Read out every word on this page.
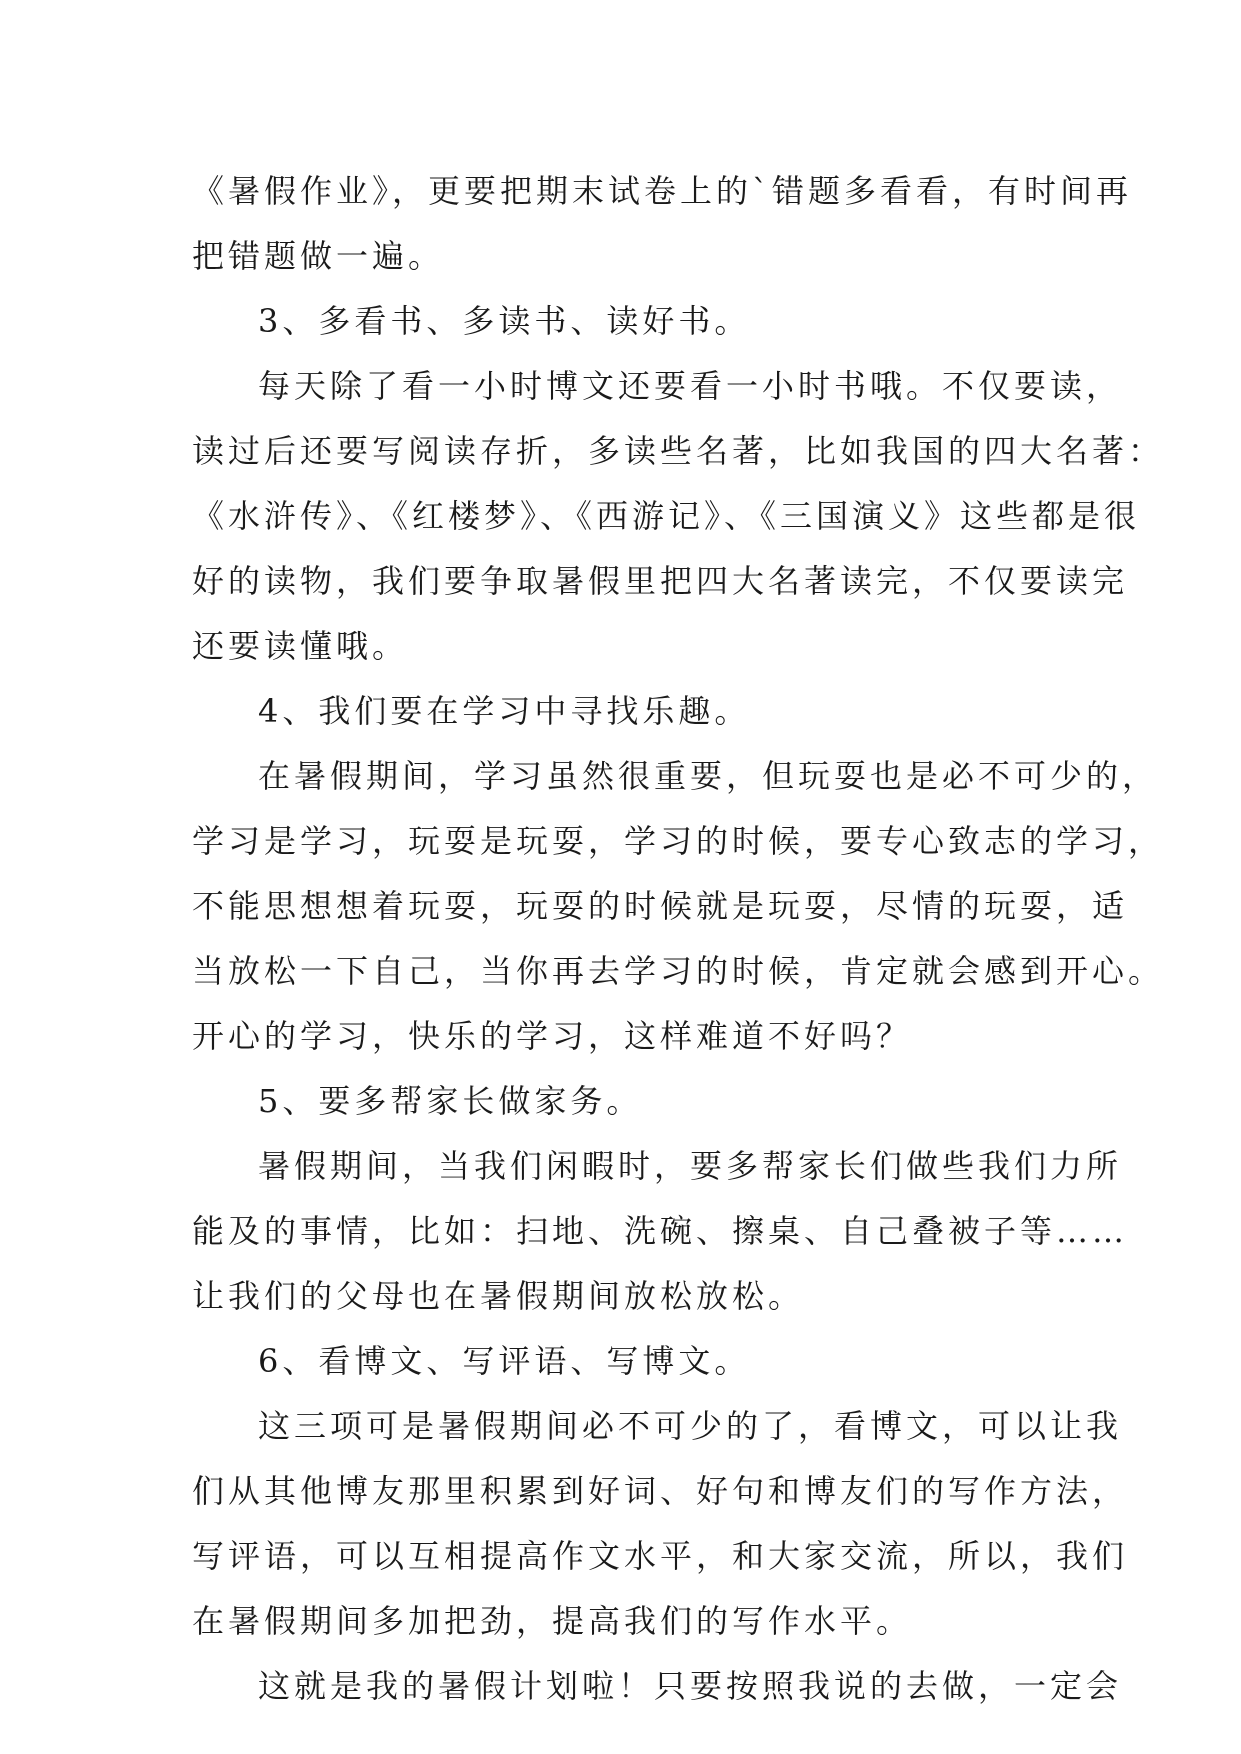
《暑假作业》，更要把期末试卷上的`错题多看看，有时间再
把错题做一遍。
3、多看书、多读书、读好书。
每天除了看一小时博文还要看一小时书哦。不仅要读，
读过后还要写阅读存折，多读些名著，比如我国的四大名著：
《水浒传》、《红楼梦》、《西游记》、《三国演义》这些都是很
好的读物，我们要争取暑假里把四大名著读完，不仅要读完
还要读懂哦。
4、我们要在学习中寻找乐趣。
在暑假期间，学习虽然很重要，但玩耍也是必不可少的，
学习是学习，玩耍是玩耍，学习的时候，要专心致志的学习，
不能思想想着玩耍，玩耍的时候就是玩耍，尽情的玩耍，适
当放松一下自己，当你再去学习的时候，肯定就会感到开心。
开心的学习，快乐的学习，这样难道不好吗？
5、要多帮家长做家务。
暑假期间，当我们闲暇时，要多帮家长们做些我们力所
能及的事情，比如：扫地、洗碗、擦桌、自己叠被子等……
让我们的父母也在暑假期间放松放松。
6、看博文、写评语、写博文。
这三项可是暑假期间必不可少的了，看博文，可以让我
们从其他博友那里积累到好词、好句和博友们的写作方法，
写评语，可以互相提高作文水平，和大家交流，所以，我们
在暑假期间多加把劲，提高我们的写作水平。
这就是我的暑假计划啦！只要按照我说的去做，一定会
